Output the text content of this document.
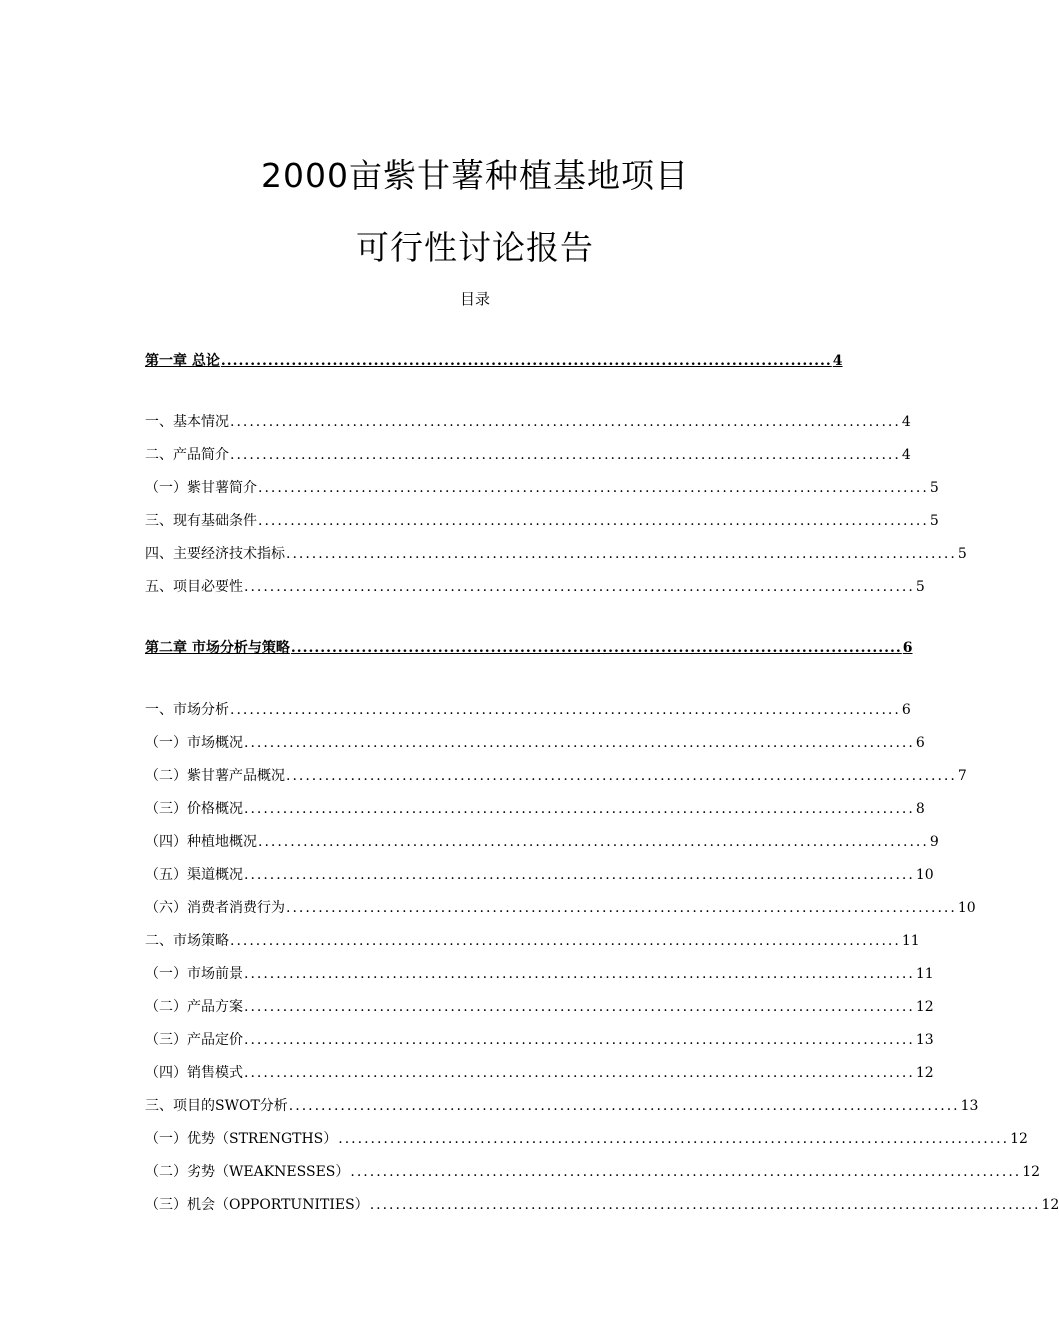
2000亩紫甘薯种植基地项目
可行性讨论报告
目录
第一章 总论 ........................................................................................................ 4
一、基本情况 ........................................................................................................ 4
二、产品简介 ........................................................................................................ 4
（一）紫甘薯简介 ........................................................................................................ 5
三、现有基础条件 ........................................................................................................ 5
四、主要经济技术指标 ........................................................................................................ 5
五、项目必要性 ........................................................................................................ 5
第二章 市场分析与策略 ........................................................................................................ 6
一、市场分析 ........................................................................................................ 6
（一）市场概况 ........................................................................................................ 6
（二）紫甘薯产品概况 ........................................................................................................ 7
（三）价格概况 ........................................................................................................ 8
（四）种植地概况 ........................................................................................................ 9
（五）渠道概况 ........................................................................................................ 10
（六）消费者消费行为 ........................................................................................................ 10
二、市场策略 ........................................................................................................ 11
（一）市场前景 ........................................................................................................ 11
（二）产品方案 ........................................................................................................ 12
（三）产品定价 ........................................................................................................ 13
（四）销售模式 ........................................................................................................ 12
三、项目的SWOT分析 ........................................................................................................ 13
（一）优势（STRENGTHS） ........................................................................................................ 12
（二）劣势（WEAKNESSES） ........................................................................................................ 12
（三）机会（OPPORTUNITIES） ........................................................................................................ 12
